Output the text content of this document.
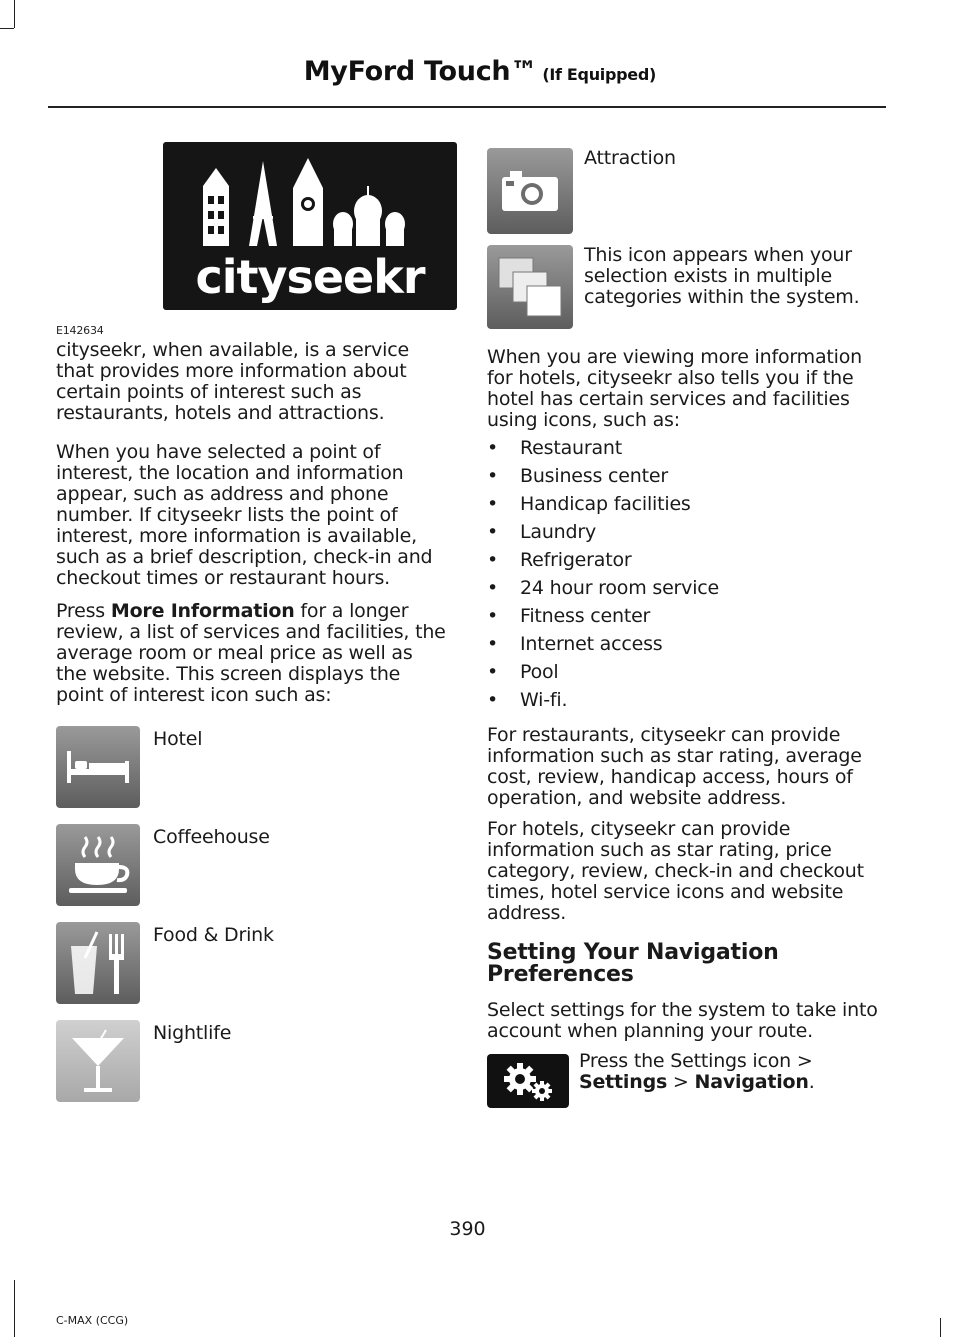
MyFord Touch™ (If Equipped)
cityseekr
E142634

cityseekr, when available, is a service that provides more information about certain points of interest such as restaurants, hotels and attractions.

When you have selected a point of interest, the location and information appear, such as address and phone number. If cityseekr lists the point of interest, more information is available, such as a brief description, check-in and checkout times or restaurant hours.

Press More Information for a longer review, a list of services and facilities, the average room or meal price as well as the website. This screen displays the point of interest icon such as:

Hotel
Coffeehouse
Food & Drink
Nightlife
Attraction
This icon appears when your selection exists in multiple categories within the system.

When you are viewing more information for hotels, cityseekr also tells you if the hotel has certain services and facilities using icons, such as:

• Restaurant
• Business center
• Handicap facilities
• Laundry
• Refrigerator
• 24 hour room service
• Fitness center
• Internet access
• Pool
• Wi-fi.

For restaurants, cityseekr can provide information such as star rating, average cost, review, handicap access, hours of operation, and website address.

For hotels, cityseekr can provide information such as star rating, price category, review, check-in and checkout times, hotel service icons and website address.

Setting Your Navigation Preferences

Select settings for the system to take into account when planning your route.

Press the Settings icon > Settings > Navigation.
390
C-MAX (CCG)
